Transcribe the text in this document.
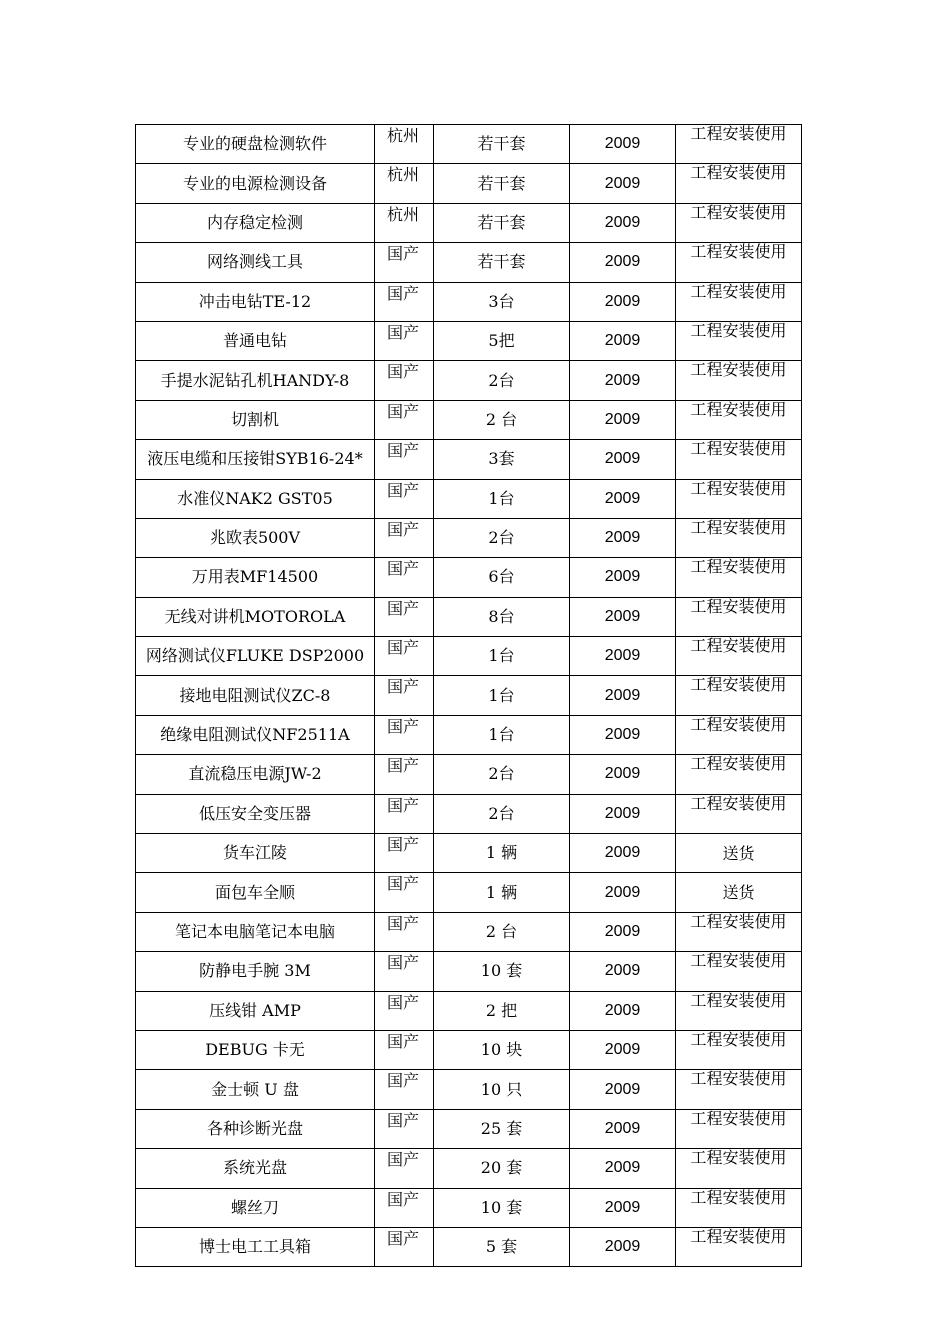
专业的硬盘检测软件	杭州	若干套	2009	工程安装使用
专业的电源检测设备	杭州	若干套	2009	工程安装使用
内存稳定检测	杭州	若干套	2009	工程安装使用
网络测线工具	国产	若干套	2009	工程安装使用
冲击电钻TE-12	国产	3台	2009	工程安装使用
普通电钻	国产	5把	2009	工程安装使用
手提水泥钻孔机HANDY-8	国产	2台	2009	工程安装使用
切割机	国产	2 台	2009	工程安装使用
液压电缆和压接钳SYB16-24*	国产	3套	2009	工程安装使用
水准仪NAK2 GST05	国产	1台	2009	工程安装使用
兆欧表500V	国产	2台	2009	工程安装使用
万用表MF14500	国产	6台	2009	工程安装使用
无线对讲机MOTOROLA	国产	8台	2009	工程安装使用
网络测试仪FLUKE DSP2000	国产	1台	2009	工程安装使用
接地电阻测试仪ZC-8	国产	1台	2009	工程安装使用
绝缘电阻测试仪NF2511A	国产	1台	2009	工程安装使用
直流稳压电源JW-2	国产	2台	2009	工程安装使用
低压安全变压器	国产	2台	2009	工程安装使用
货车江陵	国产	1 辆	2009	送货
面包车全顺	国产	1 辆	2009	送货
笔记本电脑笔记本电脑	国产	2 台	2009	工程安装使用
防静电手腕 3M	国产	10 套	2009	工程安装使用
压线钳 AMP	国产	2 把	2009	工程安装使用
DEBUG 卡无	国产	10 块	2009	工程安装使用
金士顿 U 盘	国产	10 只	2009	工程安装使用
各种诊断光盘	国产	25 套	2009	工程安装使用
系统光盘	国产	20 套	2009	工程安装使用
螺丝刀	国产	10 套	2009	工程安装使用
博士电工工具箱	国产	5 套	2009	工程安装使用
